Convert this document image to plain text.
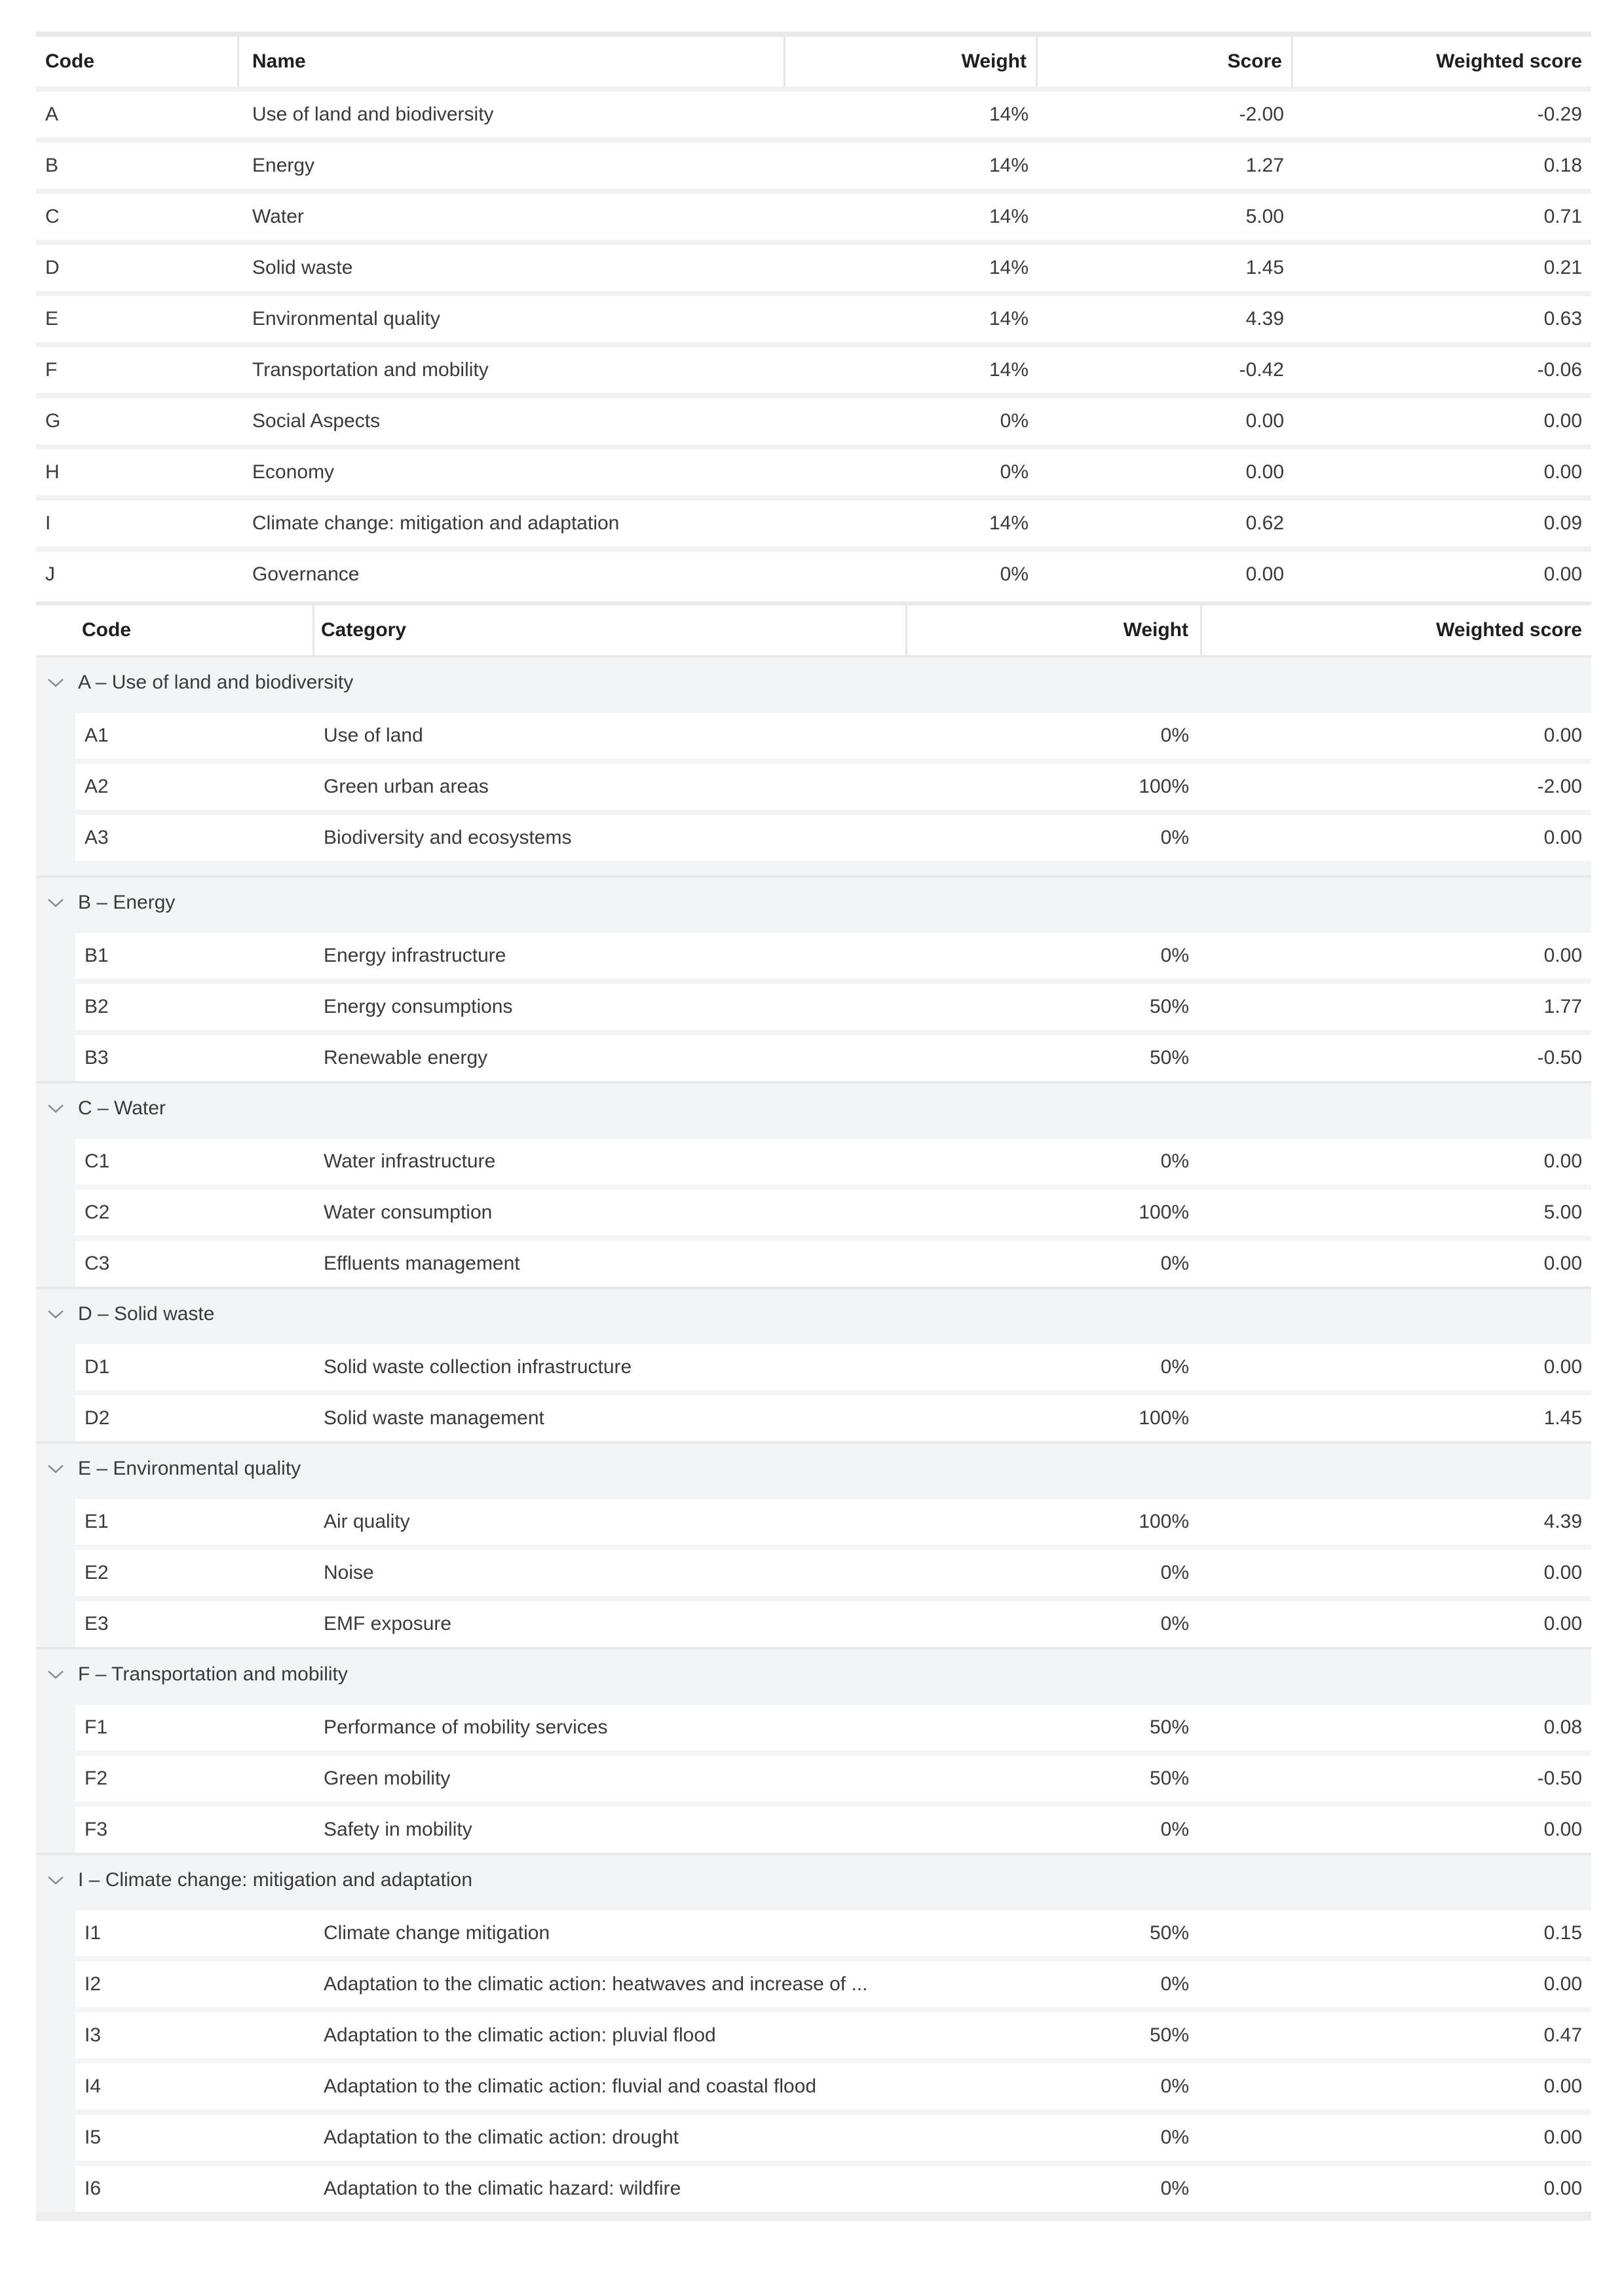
Code	Name	Weight	Score	Weighted score
A	Use of land and biodiversity	14%	-2.00	-0.29
B	Energy	14%	1.27	0.18
C	Water	14%	5.00	0.71
D	Solid waste	14%	1.45	0.21
E	Environmental quality	14%	4.39	0.63
F	Transportation and mobility	14%	-0.42	-0.06
G	Social Aspects	0%	0.00	0.00
H	Economy	0%	0.00	0.00
I	Climate change: mitigation and adaptation	14%	0.62	0.09
J	Governance	0%	0.00	0.00
Code	Category	Weight	Weighted score
A – Use of land and biodiversity
A1	Use of land	0%	0.00
A2	Green urban areas	100%	-2.00
A3	Biodiversity and ecosystems	0%	0.00
B – Energy
B1	Energy infrastructure	0%	0.00
B2	Energy consumptions	50%	1.77
B3	Renewable energy	50%	-0.50
C – Water
C1	Water infrastructure	0%	0.00
C2	Water consumption	100%	5.00
C3	Effluents management	0%	0.00
D – Solid waste
D1	Solid waste collection infrastructure	0%	0.00
D2	Solid waste management	100%	1.45
E – Environmental quality
E1	Air quality	100%	4.39
E2	Noise	0%	0.00
E3	EMF exposure	0%	0.00
F – Transportation and mobility
F1	Performance of mobility services	50%	0.08
F2	Green mobility	50%	-0.50
F3	Safety in mobility	0%	0.00
I – Climate change: mitigation and adaptation
I1	Climate change mitigation	50%	0.15
I2	Adaptation to the climatic action: heatwaves and increase of ...	0%	0.00
I3	Adaptation to the climatic action: pluvial flood	50%	0.47
I4	Adaptation to the climatic action: fluvial and coastal flood	0%	0.00
I5	Adaptation to the climatic action: drought	0%	0.00
I6	Adaptation to the climatic hazard: wildfire	0%	0.00
